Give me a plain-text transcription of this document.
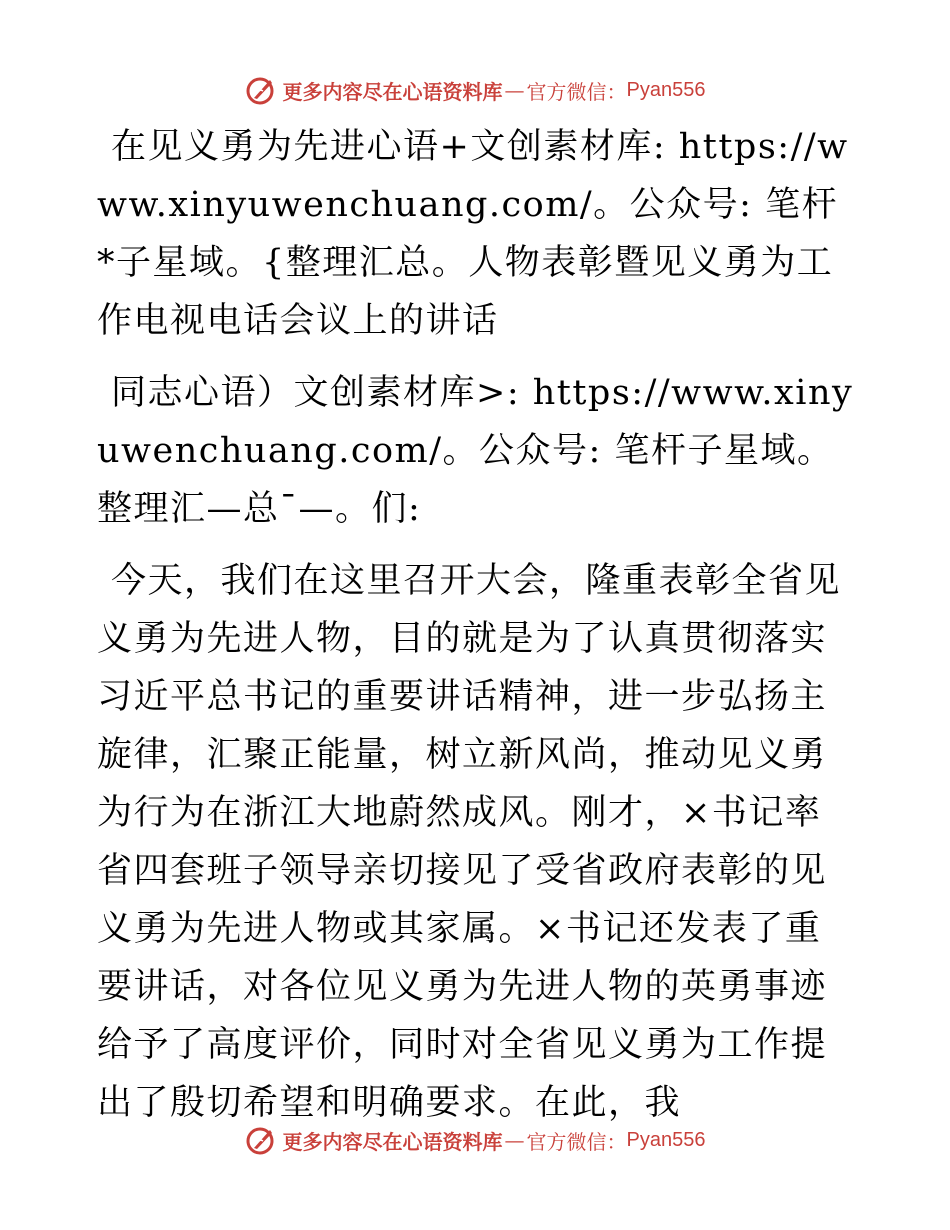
更多内容尽在心语资料库 — 官方微信： Pyan556

在见义勇为先进心语+文创素材库: https://www.xinyuwenchuang.com/。公众号: 笔杆*子星域。{整理汇总。人物表彰暨见义勇为工作电视电话会议上的讲话

同志心语）文创素材库>: https://www.xinyuwenchuang.com/。公众号: 笔杆子星域。整理汇—总¯—。们:

今天，我们在这里召开大会，隆重表彰全省见义勇为先进人物，目的就是为了认真贯彻落实习近平总书记的重要讲话精神，进一步弘扬主旋律，汇聚正能量，树立新风尚，推动见义勇为行为在浙江大地蔚然成风。刚才，×书记率省四套班子领导亲切接见了受省政府表彰的见义勇为先进人物或其家属。×书记还发表了重要讲话，对各位见义勇为先进人物的英勇事迹给予了高度评价，同时对全省见义勇为工作提出了殷切希望和明确要求。在此，我

更多内容尽在心语资料库 — 官方微信： Pyan556
